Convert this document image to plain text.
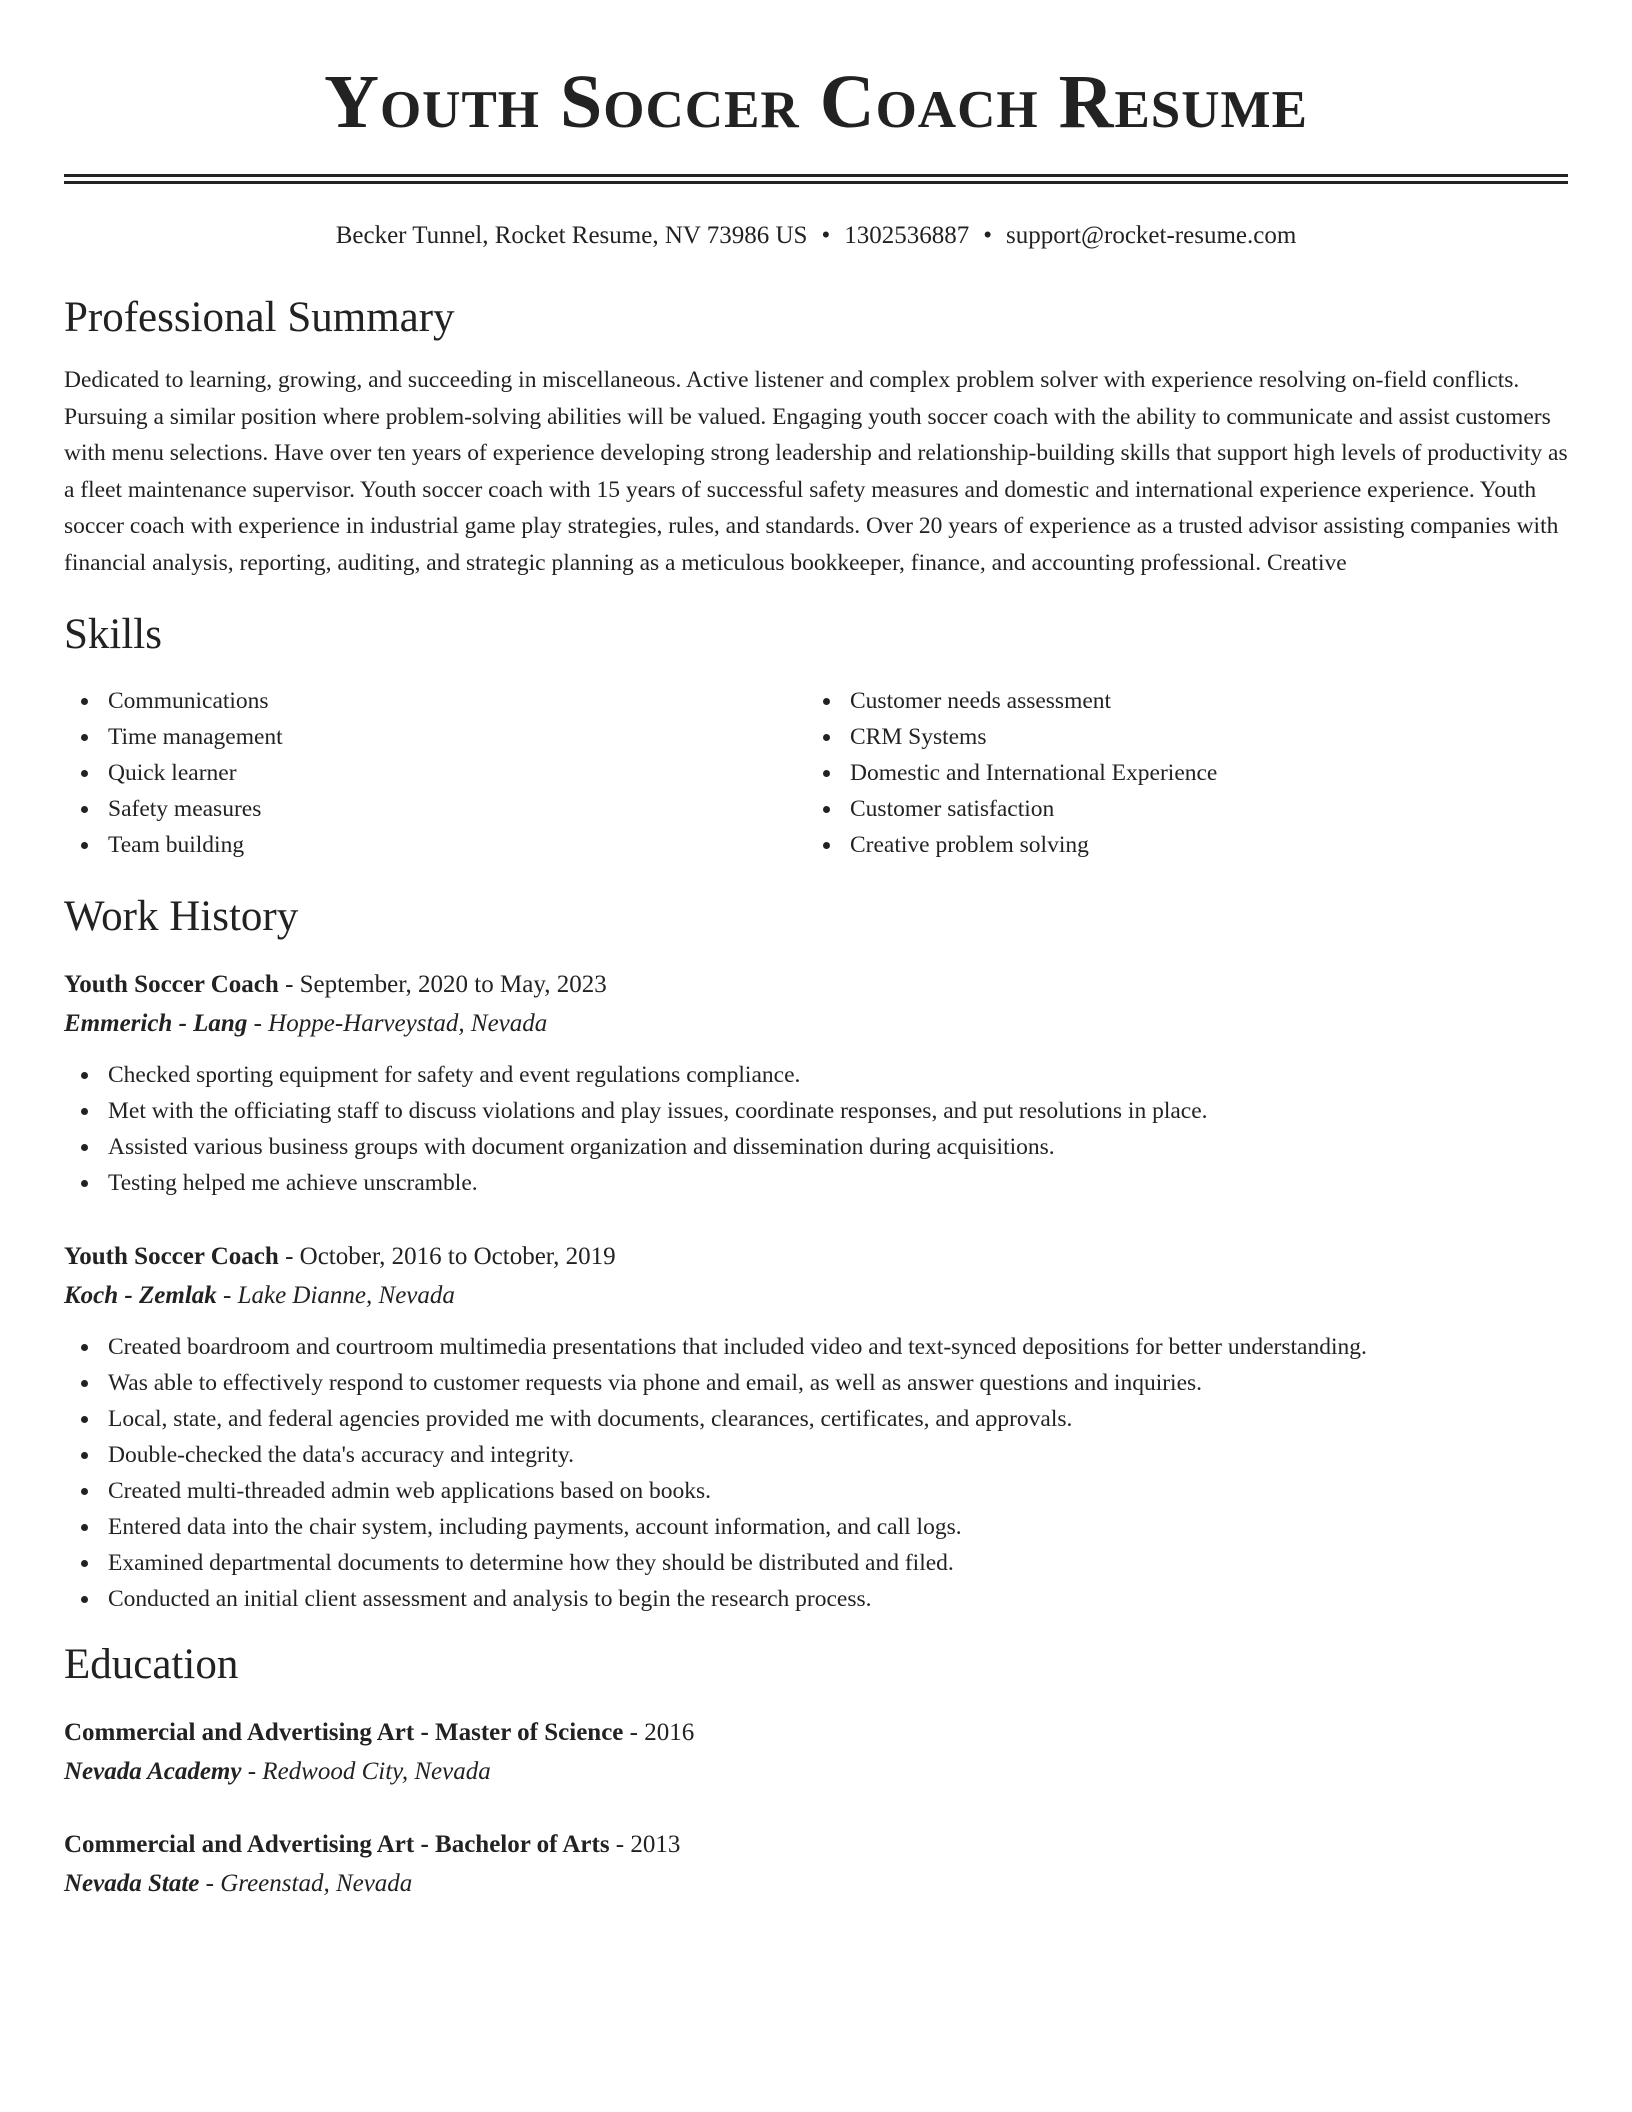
Youth Soccer Coach Resume
Becker Tunnel, Rocket Resume, NV 73986 US • 1302536887 • support@rocket-resume.com
Professional Summary

Dedicated to learning, growing, and succeeding in miscellaneous. Active listener and complex problem solver with experience resolving on-field conflicts. Pursuing a similar position where problem-solving abilities will be valued. Engaging youth soccer coach with the ability to communicate and assist customers with menu selections. Have over ten years of experience developing strong leadership and relationship-building skills that support high levels of productivity as a fleet maintenance supervisor. Youth soccer coach with 15 years of successful safety measures and domestic and international experience experience. Youth soccer coach with experience in industrial game play strategies, rules, and standards. Over 20 years of experience as a trusted advisor assisting companies with financial analysis, reporting, auditing, and strategic planning as a meticulous bookkeeper, finance, and accounting professional. Creative

Skills
Communications
Time management
Quick learner
Safety measures
Team building
Customer needs assessment
CRM Systems
Domestic and International Experience
Customer satisfaction
Creative problem solving
Work History
Youth Soccer Coach - September, 2020 to May, 2023
Emmerich - Lang - Hoppe-Harveystad, Nevada
Checked sporting equipment for safety and event regulations compliance.
Met with the officiating staff to discuss violations and play issues, coordinate responses, and put resolutions in place.
Assisted various business groups with document organization and dissemination during acquisitions.
Testing helped me achieve unscramble.
Youth Soccer Coach - October, 2016 to October, 2019
Koch - Zemlak - Lake Dianne, Nevada
Created boardroom and courtroom multimedia presentations that included video and text-synced depositions for better understanding.
Was able to effectively respond to customer requests via phone and email, as well as answer questions and inquiries.
Local, state, and federal agencies provided me with documents, clearances, certificates, and approvals.
Double-checked the data's accuracy and integrity.
Created multi-threaded admin web applications based on books.
Entered data into the chair system, including payments, account information, and call logs.
Examined departmental documents to determine how they should be distributed and filed.
Conducted an initial client assessment and analysis to begin the research process.
Education
Commercial and Advertising Art - Master of Science - 2016
Nevada Academy - Redwood City, Nevada
Commercial and Advertising Art - Bachelor of Arts - 2013
Nevada State - Greenstad, Nevada
